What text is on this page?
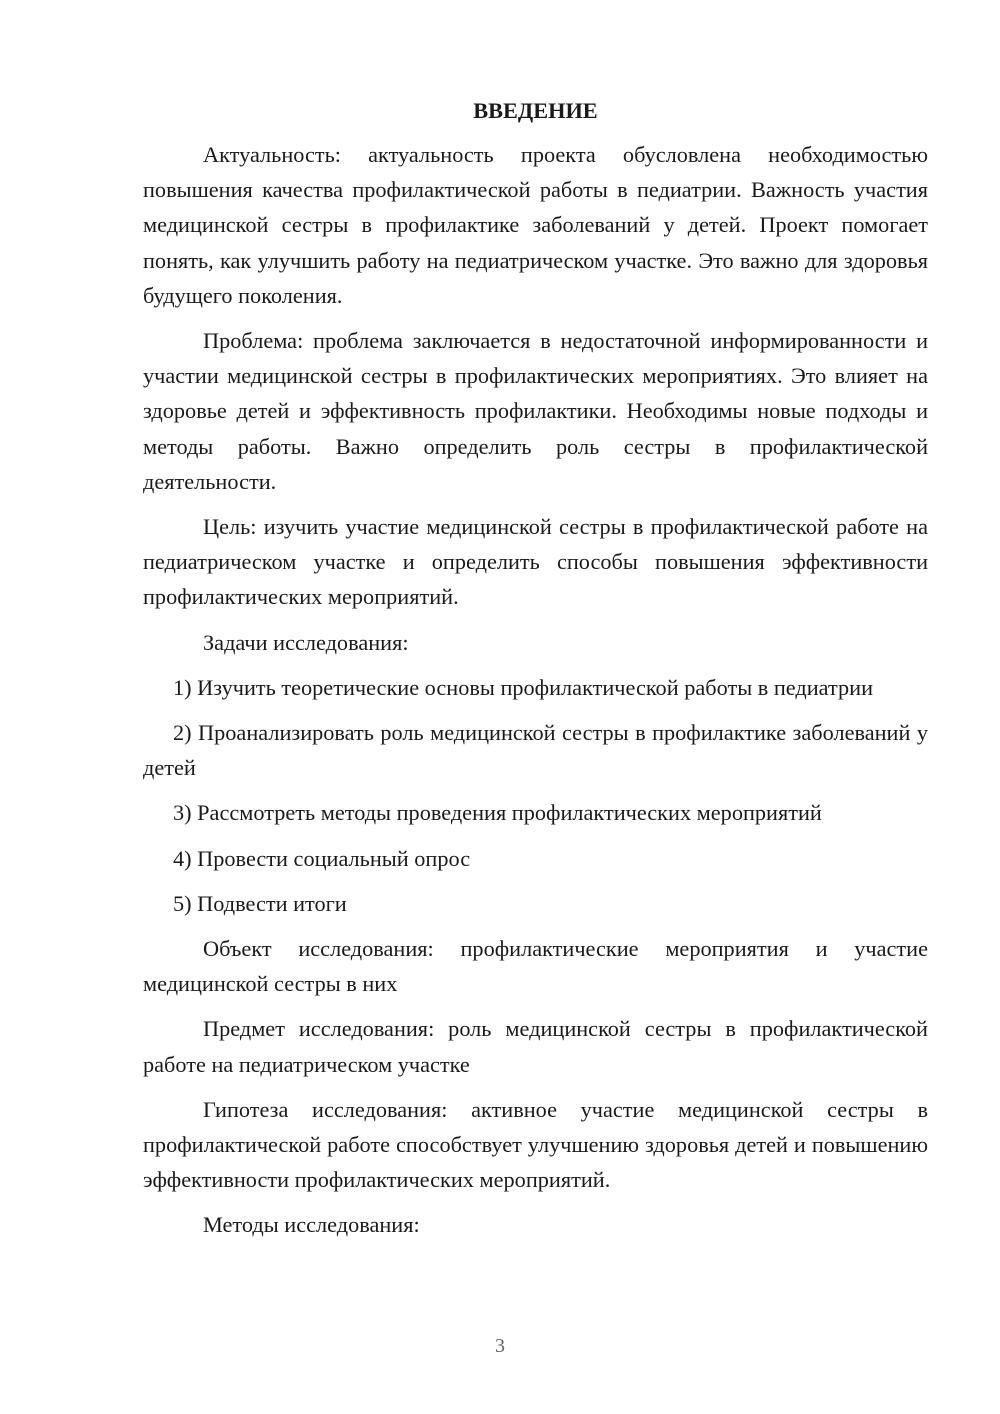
ВВЕДЕНИЕ

Актуальность: актуальность проекта обусловлена необходимостью повышения качества профилактической работы в педиатрии. Важность участия медицинской сестры в профилактике заболеваний у детей. Проект помогает понять, как улучшить работу на педиатрическом участке. Это важно для здоровья будущего поколения.

Проблема: проблема заключается в недостаточной информированности и участии медицинской сестры в профилактических мероприятиях. Это влияет на здоровье детей и эффективность профилактики. Необходимы новые подходы и методы работы. Важно определить роль сестры в профилактической деятельности.

Цель: изучить участие медицинской сестры в профилактической работе на педиатрическом участке и определить способы повышения эффективности профилактических мероприятий.

Задачи исследования:

1) Изучить теоретические основы профилактической работы в педиатрии

2) Проанализировать роль медицинской сестры в профилактике заболеваний у детей

3) Рассмотреть методы проведения профилактических мероприятий

4) Провести социальный опрос

5) Подвести итоги

Объект исследования: профилактические мероприятия и участие медицинской сестры в них

Предмет исследования: роль медицинской сестры в профилактической работе на педиатрическом участке

Гипотеза исследования: активное участие медицинской сестры в профилактической работе способствует улучшению здоровья детей и повышению эффективности профилактических мероприятий.

Методы исследования:

3
